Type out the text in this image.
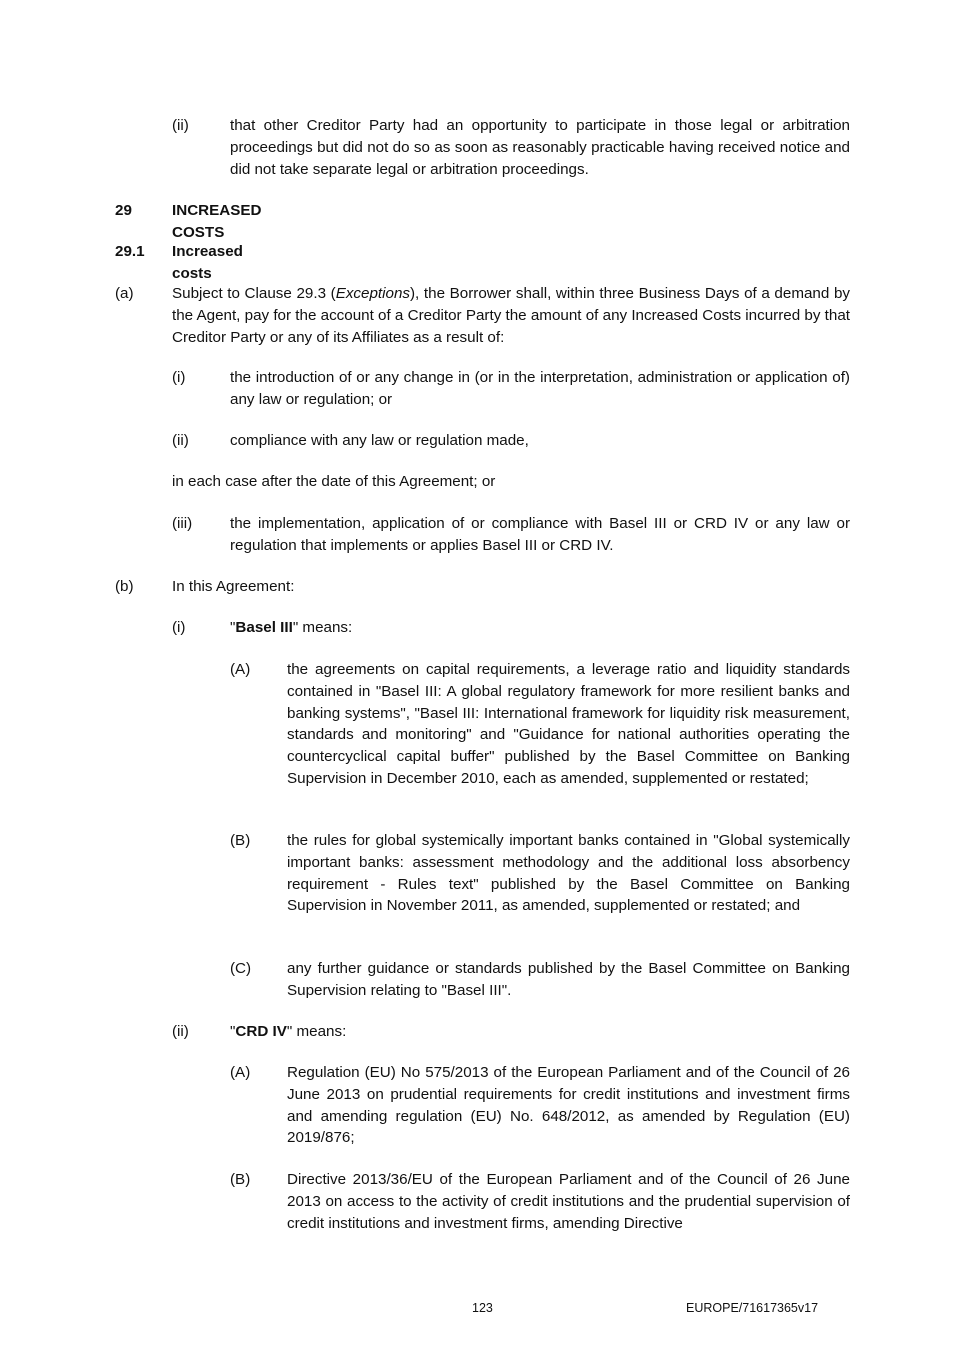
(ii)	that other Creditor Party had an opportunity to participate in those legal or arbitration proceedings but did not do so as soon as reasonably practicable having received notice and did not take separate legal or arbitration proceedings.
29	INCREASED COSTS
29.1 Increased costs
(a)	Subject to Clause 29.3 (Exceptions), the Borrower shall, within three Business Days of a demand by the Agent, pay for the account of a Creditor Party the amount of any Increased Costs incurred by that Creditor Party or any of its Affiliates as a result of:
(i)	the introduction of or any change in (or in the interpretation, administration or application of) any law or regulation; or
(ii)	compliance with any law or regulation made,
in each case after the date of this Agreement; or
(iii) the implementation, application of or compliance with Basel III or CRD IV or any law or regulation that implements or applies Basel III or CRD IV.
(b)	In this Agreement:
(i)	"Basel III" means:
(A) the agreements on capital requirements, a leverage ratio and liquidity standards contained in "Basel III: A global regulatory framework for more resilient banks and banking systems", "Basel III: International framework for liquidity risk measurement, standards and monitoring" and "Guidance for national authorities operating the countercyclical capital buffer" published by the Basel Committee on Banking Supervision in December 2010, each as amended, supplemented or restated;
(B) the rules for global systemically important banks contained in "Global systemically important banks: assessment methodology and the additional loss absorbency requirement - Rules text" published by the Basel Committee on Banking Supervision in November 2011, as amended, supplemented or restated; and
(C) any further guidance or standards published by the Basel Committee on Banking Supervision relating to "Basel III".
(ii)	"CRD IV" means:
(A) Regulation (EU) No 575/2013 of the European Parliament and of the Council of 26 June 2013 on prudential requirements for credit institutions and investment firms and amending regulation (EU) No. 648/2012, as amended by Regulation (EU) 2019/876;
(B) Directive 2013/36/EU of the European Parliament and of the Council of 26 June 2013 on access to the activity of credit institutions and the prudential supervision of credit institutions and investment firms, amending Directive
123	EUROPE/71617365v17
